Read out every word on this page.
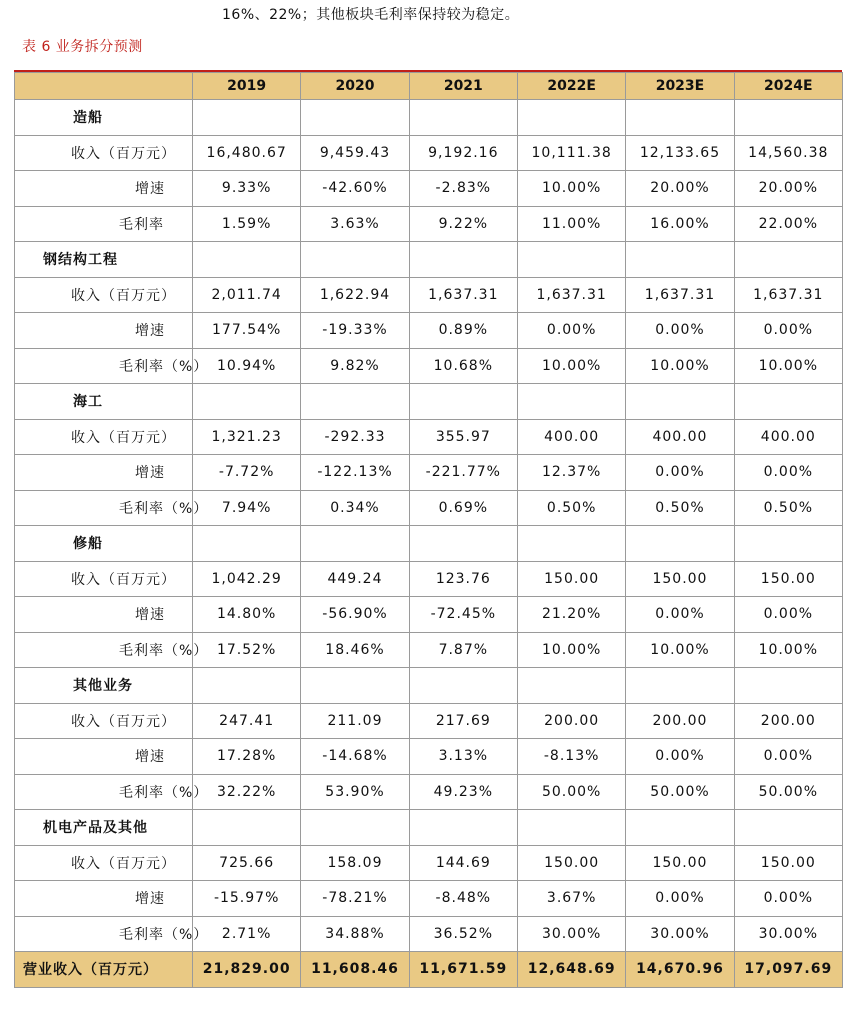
16%、22%；其他板块毛利率保持较为稳定。
表 6 业务拆分预测
	2019	2020	2021	2022E	2023E	2024E
造船						
收入（百万元）	16,480.67	9,459.43	9,192.16	10,111.38	12,133.65	14,560.38
增速	9.33%	-42.60%	-2.83%	10.00%	20.00%	20.00%
毛利率	1.59%	3.63%	9.22%	11.00%	16.00%	22.00%
钢结构工程						
收入（百万元）	2,011.74	1,622.94	1,637.31	1,637.31	1,637.31	1,637.31
增速	177.54%	-19.33%	0.89%	0.00%	0.00%	0.00%
毛利率（%）	10.94%	9.82%	10.68%	10.00%	10.00%	10.00%
海工						
收入（百万元）	1,321.23	-292.33	355.97	400.00	400.00	400.00
增速	-7.72%	-122.13%	-221.77%	12.37%	0.00%	0.00%
毛利率（%）	7.94%	0.34%	0.69%	0.50%	0.50%	0.50%
修船						
收入（百万元）	1,042.29	449.24	123.76	150.00	150.00	150.00
增速	14.80%	-56.90%	-72.45%	21.20%	0.00%	0.00%
毛利率（%）	17.52%	18.46%	7.87%	10.00%	10.00%	10.00%
其他业务						
收入（百万元）	247.41	211.09	217.69	200.00	200.00	200.00
增速	17.28%	-14.68%	3.13%	-8.13%	0.00%	0.00%
毛利率（%）	32.22%	53.90%	49.23%	50.00%	50.00%	50.00%
机电产品及其他						
收入（百万元）	725.66	158.09	144.69	150.00	150.00	150.00
增速	-15.97%	-78.21%	-8.48%	3.67%	0.00%	0.00%
毛利率（%）	2.71%	34.88%	36.52%	30.00%	30.00%	30.00%
营业收入（百万元）	21,829.00	11,608.46	11,671.59	12,648.69	14,670.96	17,097.69
